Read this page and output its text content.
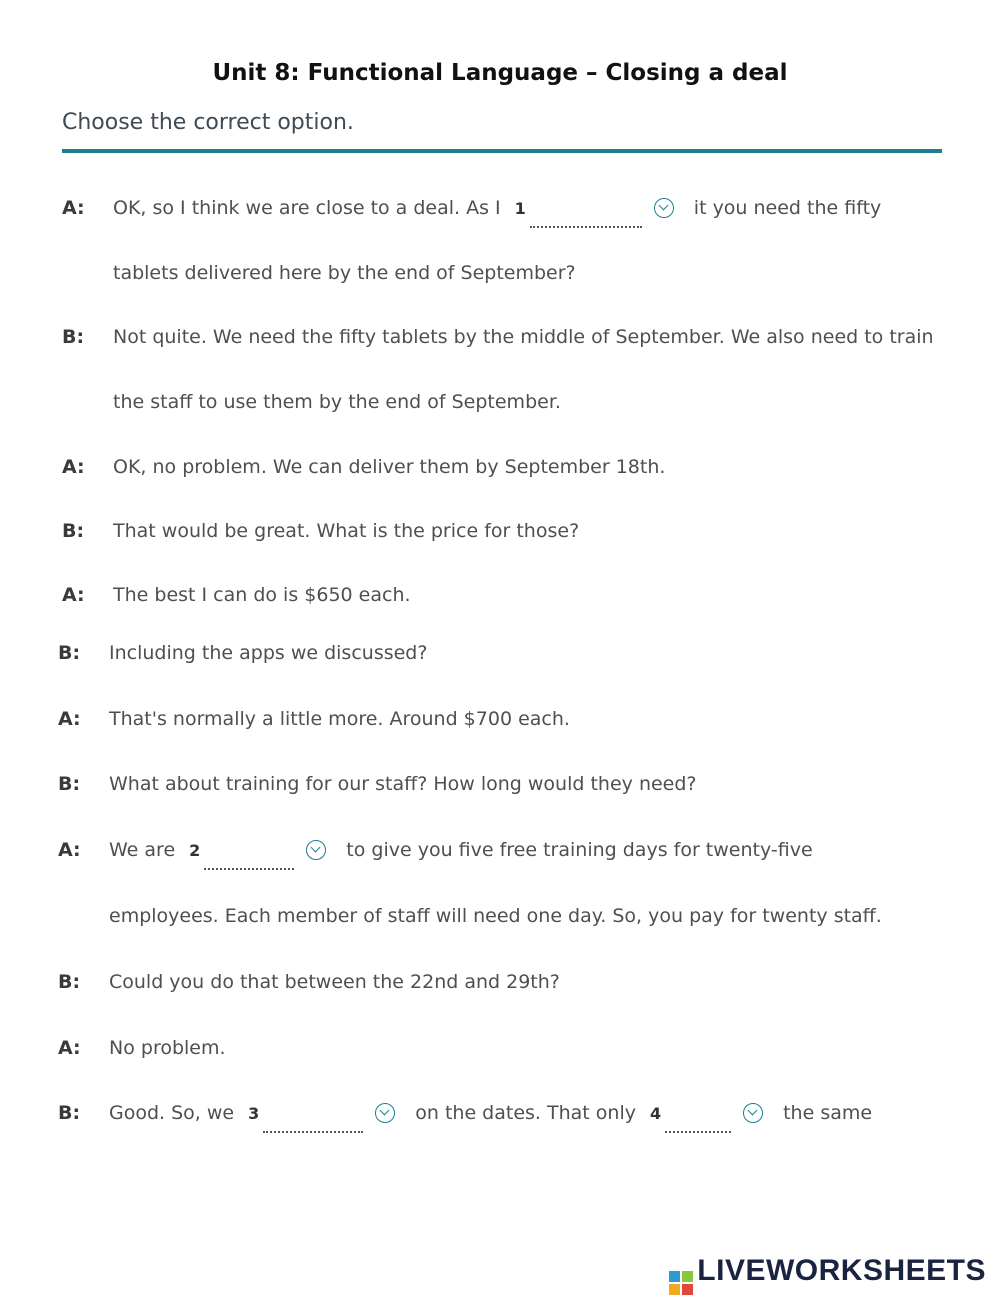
Unit 8: Functional Language – Closing a deal
Choose the correct option.
A: OK, so I think we are close to a deal. As I 1	it you need the fifty
tablets delivered here by the end of September?
B: Not quite. We need the fifty tablets by the middle of September. We also need to train
the staff to use them by the end of September.
A: OK, no problem. We can deliver them by September 18th.
B: That would be great. What is the price for those?
A: The best I can do is $650 each.
B: Including the apps we discussed?
A: That's normally a little more. Around $700 each.
B: What about training for our staff? How long would they need?
A: We are 2	to give you five free training days for twenty-five
employees. Each member of staff will need one day. So, you pay for twenty staff.
B: Could you do that between the 22nd and 29th?
A: No problem.
B: Good. So, we 3	on the dates. That only 4	the same
LIVEWORKSHEETS
